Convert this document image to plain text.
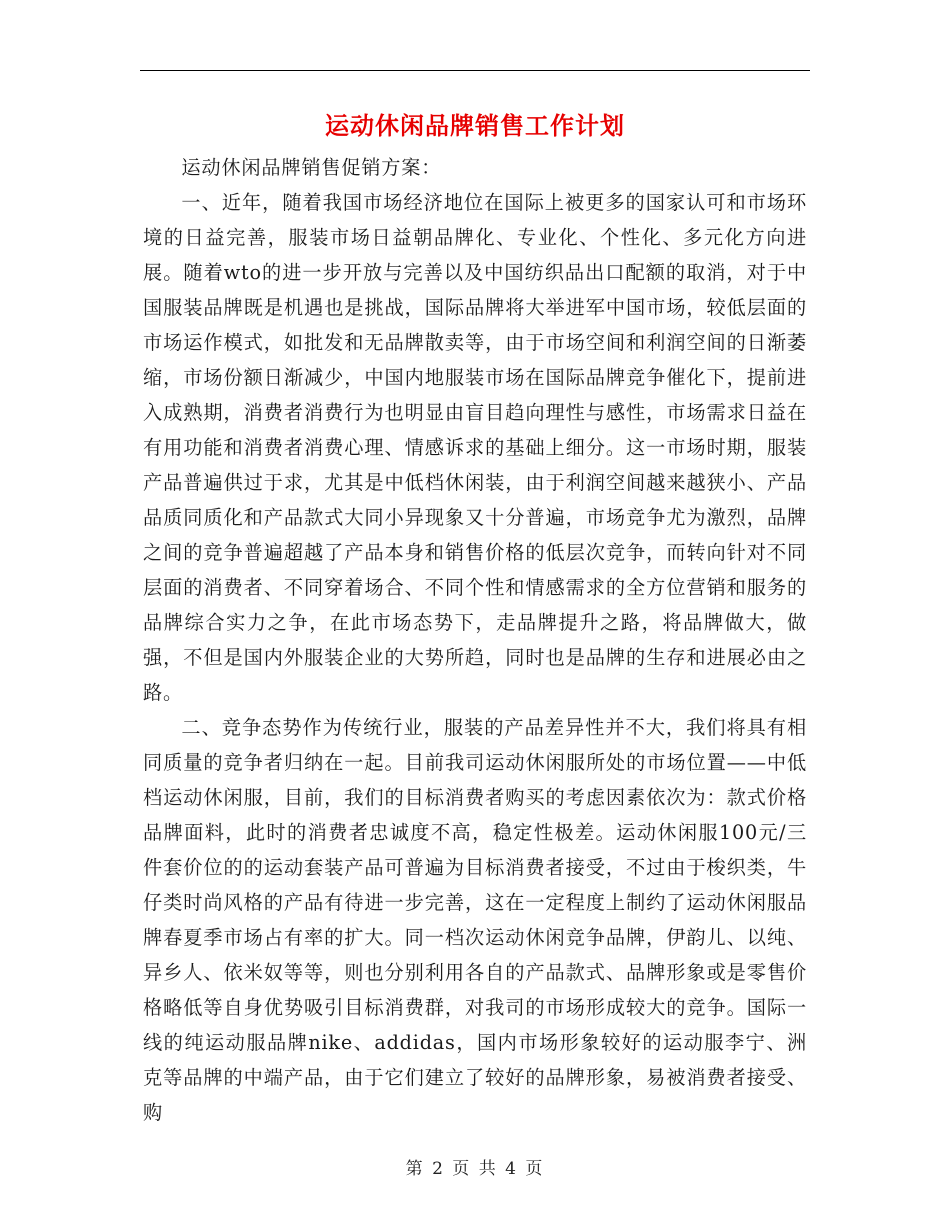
运动休闲品牌销售工作计划

运动休闲品牌销售促销方案：

一、近年，随着我国市场经济地位在国际上被更多的国家认可和市场环境的日益完善，服装市场日益朝品牌化、专业化、个性化、多元化方向进展。随着wto的进一步开放与完善以及中国纺织品出口配额的取消，对于中国服装品牌既是机遇也是挑战，国际品牌将大举进军中国市场，较低层面的市场运作模式，如批发和无品牌散卖等，由于市场空间和利润空间的日渐萎缩，市场份额日渐减少，中国内地服装市场在国际品牌竞争催化下，提前进入成熟期，消费者消费行为也明显由盲目趋向理性与感性，市场需求日益在有用功能和消费者消费心理、情感诉求的基础上细分。这一市场时期，服装产品普遍供过于求，尤其是中低档休闲装，由于利润空间越来越狭小、产品品质同质化和产品款式大同小异现象又十分普遍，市场竞争尤为激烈，品牌之间的竞争普遍超越了产品本身和销售价格的低层次竞争，而转向针对不同层面的消费者、不同穿着场合、不同个性和情感需求的全方位营销和服务的品牌综合实力之争，在此市场态势下，走品牌提升之路，将品牌做大，做强，不但是国内外服装企业的大势所趋，同时也是品牌的生存和进展必由之路。

二、竞争态势作为传统行业，服装的产品差异性并不大，我们将具有相同质量的竞争者归纳在一起。目前我司运动休闲服所处的市场位置——中低档运动休闲服，目前，我们的目标消费者购买的考虑因素依次为：款式价格品牌面料，此时的消费者忠诚度不高，稳定性极差。运动休闲服100元/三件套价位的的运动套装产品可普遍为目标消费者接受，不过由于梭织类，牛仔类时尚风格的产品有待进一步完善，这在一定程度上制约了运动休闲服品牌春夏季市场占有率的扩大。同一档次运动休闲竞争品牌，伊韵儿、以纯、异乡人、依米奴等等，则也分别利用各自的产品款式、品牌形象或是零售价格略低等自身优势吸引目标消费群，对我司的市场形成较大的竞争。国际一线的纯运动服品牌nike、addidas，国内市场形象较好的运动服李宁、洲克等品牌的中端产品，由于它们建立了较好的品牌形象，易被消费者接受、购

第 2 页 共 4 页
